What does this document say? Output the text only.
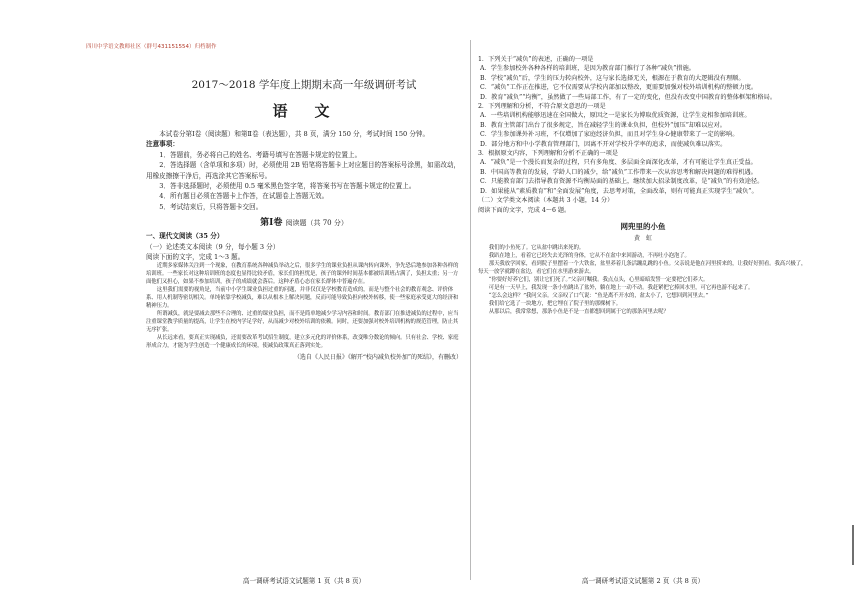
四川中学语文教师社区（群号431151554）归档制作
2017～2018 学年度上期期末高一年级调研考试
语　文

本试卷分第Ⅰ卷（阅读题）和第Ⅱ卷（表达题），共 8 页，满分 150 分，考试时间 150 分钟。

注意事项：

1．答题前，务必将自己的姓名、考籍号填写在答题卡规定的位置上。

2．答选择题（含单项和多项）时，必须使用 2B 铅笔将答题卡上对应题目的答案标号涂黑，如需改动，用橡皮擦擦干净后，再选涂其它答案标号。

3．答非选择题时，必须使用 0.5 毫米黑色签字笔，将答案书写在答题卡规定的位置上。

4．所有题目必须在答题卡上作答，在试题卷上答题无效。

5．考试结束后，只将答题卡交回。

第Ⅰ卷 阅读题（共 70 分）

一、现代文阅读（35 分）

（一）论述类文本阅读（9 分，每小题 3 分）

阅读下面的文字，完成 1～3 题。

近期多家媒体关注到一个现象，在教育系统各种减负举动之后，很多学生的课业负担从课内转向课外，争先恐后地参加各种各样的培训班。一些家长对这种培训班的态度也显得比较矛盾，家长们的担忧是，孩子的课外时间基本都被培训班占满了，负担太重；另一方面他们又担心，如果不参加培训，孩子的成绩就会落后。这种矛盾心态在家长群体中普遍存在。

这里我们需要的视角是，当前中小学生课业负担过重的问题，并非仅仅是学校教育造成的，而是与整个社会的教育观念、评价体系、用人机制等密切相关。单纯依靠学校减负，难以从根本上解决问题，反而可能导致负担向校外转移，使一些家庭承受更大的经济和精神压力。

所谓减负，就是要减去那些不合理的、过重的课业负担，而不是简单地减少学习内容和时间。教育部门在推进减负的过程中，应当注重课堂教学质量的提高，让学生在校内学足学好，从而减少对校外培训的依赖。同时，还要加强对校外培训机构的规范管理，防止其无序扩张。

从长远来看，要真正实现减负，还需要改革考试招生制度，建立多元化的评价体系，改变唯分数论的倾向。只有社会、学校、家庭形成合力，才能为学生创造一个健康成长的环境，使减负政策真正落到实处。

（选自《人民日报》《解开“校内减负校外加”的死结》，有删改）

高一调研考试语文试题第 1 页（共 8 页）

1．下列关于“减负”的表述，正确的一项是

A．学生参加校外各种各样的培训班，是因为教育部门推行了各种“减负”措施。

B．学校“减负”后，学生的压力转向校外，这与家长选择无关，根源在于教育的大逻辑没有理顺。

C．“减负”工作正在推进，它不仅需要从学校内部加以整改，更需要加强对校外培训机构的整顿力度。

D．教育“减负”“均衡”，虽然做了一些局部工作，有了一定的变化，但没有改变中国教育的整体框架和格局。

2．下列理解和分析，不符合原文意思的一项是

A．一些培训机构能够迅速在全国做大，原因之一是家长为博取优质资源，让学生竞相参加培训班。

B．教育主管部门出台了很多规定，旨在减轻学生的课业负担，但校外“加压”却难以应对。

C．学生参加课外补习班，不仅增加了家庭经济负担，而且对学生身心健康带来了一定的影响。

D．部分地方和中小学教育管理部门，因离不开对学校升学率的追求，而使减负难以落实。

3．根据原文内容，下列理解和分析不正确的一项是

A．“减负”是一个漫长而复杂的过程，只有多角度、多层面全面深化改革，才有可能让学生真正受益。

B．中国高等教育的发展，学龄人口的减少，给“减负”工作带来一次从容思考和解决问题的难得机遇。

C．只能教育部门去指导教育资源不均衡局面的基础上，继续加大招录制度改革，是“减负”的有效途径。

D．如果能从“素质教育”和“全面发展”角度，去思考对策，全面改革，则有可能真正实现学生“减负”。

（二）文学类文本阅读（本题共 3 小题，14 分）

阅读下面的文字，完成 4～6 题。

网兜里的小鱼
黄　虹

我们的小鱼死了。它从盆中跳出来死的。

我趴在地上，看着它已经失去光泽的身体，它从不在盆中来回游动，不再吐小泡泡了。

那天我放学回家，看到院子里摆着一个大铁盆，盆里养着几条活蹦乱跳的小鱼。父亲说是他在河里捞来的，让我好好照看。我高兴极了，每天一放学就蹲在盆边，看它们在水里游来游去。

“你要好好养它们，别让它们死了。”父亲叮嘱我。我点点头，心里暗暗发誓一定要把它们养大。

可是有一天早上，我发现一条小鱼跳出了盆外，躺在地上一动不动。我赶紧把它捧回水里，可它再也游不起来了。

“怎么会这样？”我问父亲。父亲叹了口气说：“鱼是离不开水的，盆太小了，它想回到河里去。”

我们给它选了一块地方，把它埋在了院子里的那棵树下。

从那以后，我常常想，那条小鱼是不是一直都想回到属于它的那条河里去呢？

高一调研考试语文试题第 2 页（共 8 页）
